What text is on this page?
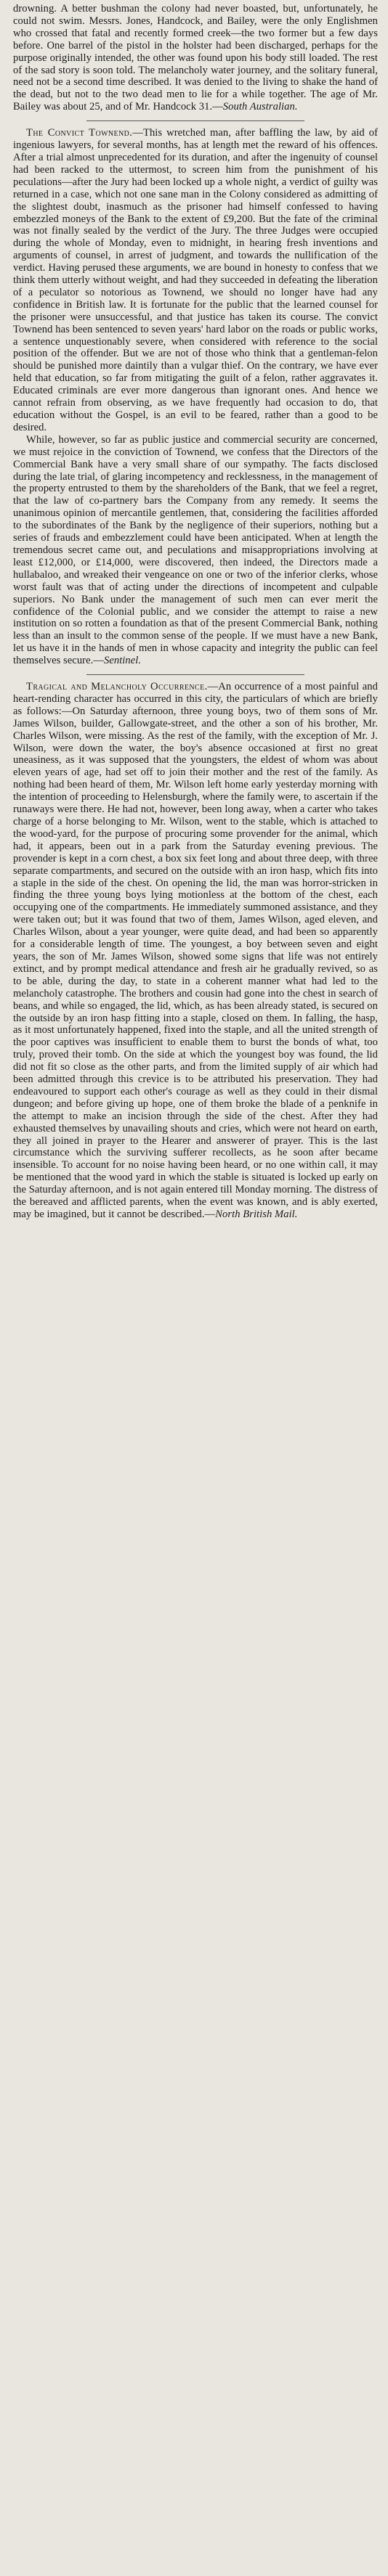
drowning. A better bushman the colony had never boasted, but, unfortunately, he could not swim. Messrs. Jones, Handcock, and Bailey, were the only Englishmen who crossed that fatal and recently formed creek—the two former but a few days before. One barrel of the pistol in the holster had been discharged, perhaps for the purpose originally intended, the other was found upon his body still loaded. The rest of the sad story is soon told. The melancholy water journey, and the solitary funeral, need not be a second time described. It was denied to the living to shake the hand of the dead, but not to the two dead men to lie for a while together. The age of Mr. Bailey was about 25, and of Mr. Handcock 31.—South Australian.

The Convict Townend.—This wretched man, after baffling the law, by aid of ingenious lawyers, for several months, has at length met the reward of his offences. After a trial almost unprecedented for its duration, and after the ingenuity of counsel had been racked to the uttermost, to screen him from the punishment of his peculations—after the Jury had been locked up a whole night, a verdict of guilty was returned in a case, which not one sane man in the Colony considered as admitting of the slightest doubt, inasmuch as the prisoner had himself confessed to having embezzled moneys of the Bank to the extent of £9,200. But the fate of the criminal was not finally sealed by the verdict of the Jury. The three Judges were occupied during the whole of Monday, even to midnight, in hearing fresh inventions and arguments of counsel, in arrest of judgment, and towards the nullification of the verdict. Having perused these arguments, we are bound in honesty to confess that we think them utterly without weight, and had they succeeded in defeating the liberation of a peculator so notorious as Townend, we should no longer have had any confidence in British law. It is fortunate for the public that the learned counsel for the prisoner were unsuccessful, and that justice has taken its course. The convict Townend has been sentenced to seven years' hard labor on the roads or public works, a sentence unquestionably severe, when considered with reference to the social position of the offender. But we are not of those who think that a gentleman-felon should be punished more daintily than a vulgar thief. On the contrary, we have ever held that education, so far from mitigating the guilt of a felon, rather aggravates it. Educated criminals are ever more dangerous than ignorant ones. And hence we cannot refrain from observing, as we have frequently had occasion to do, that education without the Gospel, is an evil to be feared, rather than a good to be desired.

While, however, so far as public justice and commercial security are concerned, we must rejoice in the conviction of Townend, we confess that the Directors of the Commercial Bank have a very small share of our sympathy. The facts disclosed during the late trial, of glaring incompetency and recklessness, in the management of the property entrusted to them by the shareholders of the Bank, that we feel a regret, that the law of co-partnery bars the Company from any remedy. It seems the unanimous opinion of mercantile gentlemen, that, considering the facilities afforded to the subordinates of the Bank by the negligence of their superiors, nothing but a series of frauds and embezzlement could have been anticipated. When at length the tremendous secret came out, and peculations and misappropriations involving at least £12,000, or £14,000, were discovered, then indeed, the Directors made a hullabaloo, and wreaked their vengeance on one or two of the inferior clerks, whose worst fault was that of acting under the directions of incompetent and culpable superiors. No Bank under the management of such men can ever merit the confidence of the Colonial public, and we consider the attempt to raise a new institution on so rotten a foundation as that of the present Commercial Bank, nothing less than an insult to the common sense of the people. If we must have a new Bank, let us have it in the hands of men in whose capacity and integrity the public can feel themselves secure.—Sentinel.

Tragical and Melancholy Occurrence.—An occurrence of a most painful and heart-rending character has occurred in this city, the particulars of which are briefly as follows:—On Saturday afternoon, three young boys, two of them sons of Mr. James Wilson, builder, Gallowgate-street, and the other a son of his brother, Mr. Charles Wilson, were missing. As the rest of the family, with the exception of Mr. J. Wilson, were down the water, the boy's absence occasioned at first no great uneasiness, as it was supposed that the youngsters, the eldest of whom was about eleven years of age, had set off to join their mother and the rest of the family. As nothing had been heard of them, Mr. Wilson left home early yesterday morning with the intention of proceeding to Helensburgh, where the family were, to ascertain if the runaways were there. He had not, however, been long away, when a carter who takes charge of a horse belonging to Mr. Wilson, went to the stable, which is attached to the wood-yard, for the purpose of procuring some provender for the animal, which had, it appears, been out in a park from the Saturday evening previous. The provender is kept in a corn chest, a box six feet long and about three deep, with three separate compartments, and secured on the outside with an iron hasp, which fits into a staple in the side of the chest. On opening the lid, the man was horror-stricken in finding the three young boys lying motionless at the bottom of the chest, each occupying one of the compartments. He immediately summoned assistance, and they were taken out; but it was found that two of them, James Wilson, aged eleven, and Charles Wilson, about a year younger, were quite dead, and had been so apparently for a considerable length of time. The youngest, a boy between seven and eight years, the son of Mr. James Wilson, showed some signs that life was not entirely extinct, and by prompt medical attendance and fresh air he gradually revived, so as to be able, during the day, to state in a coherent manner what had led to the melancholy catastrophe. The brothers and cousin had gone into the chest in search of beans, and while so engaged, the lid, which, as has been already stated, is secured on the outside by an iron hasp fitting into a staple, closed on them. In falling, the hasp, as it most unfortunately happened, fixed into the staple, and all the united strength of the poor captives was insufficient to enable them to burst the bonds of what, too truly, proved their tomb. On the side at which the youngest boy was found, the lid did not fit so close as the other parts, and from the limited supply of air which had been admitted through this crevice is to be attributed his preservation. They had endeavoured to support each other's courage as well as they could in their dismal dungeon; and before giving up hope, one of them broke the blade of a penknife in the attempt to make an incision through the side of the chest. After they had exhausted themselves by unavailing shouts and cries, which were not heard on earth, they all joined in prayer to the Hearer and answerer of prayer. This is the last circumstance which the surviving sufferer recollects, as he soon after became insensible. To account for no noise having been heard, or no one within call, it may be mentioned that the wood yard in which the stable is situated is locked up early on the Saturday afternoon, and is not again entered till Monday morning. The distress of the bereaved and afflicted parents, when the event was known, and is ably exerted, may be imagined, but it cannot be described.—North British Mail.
